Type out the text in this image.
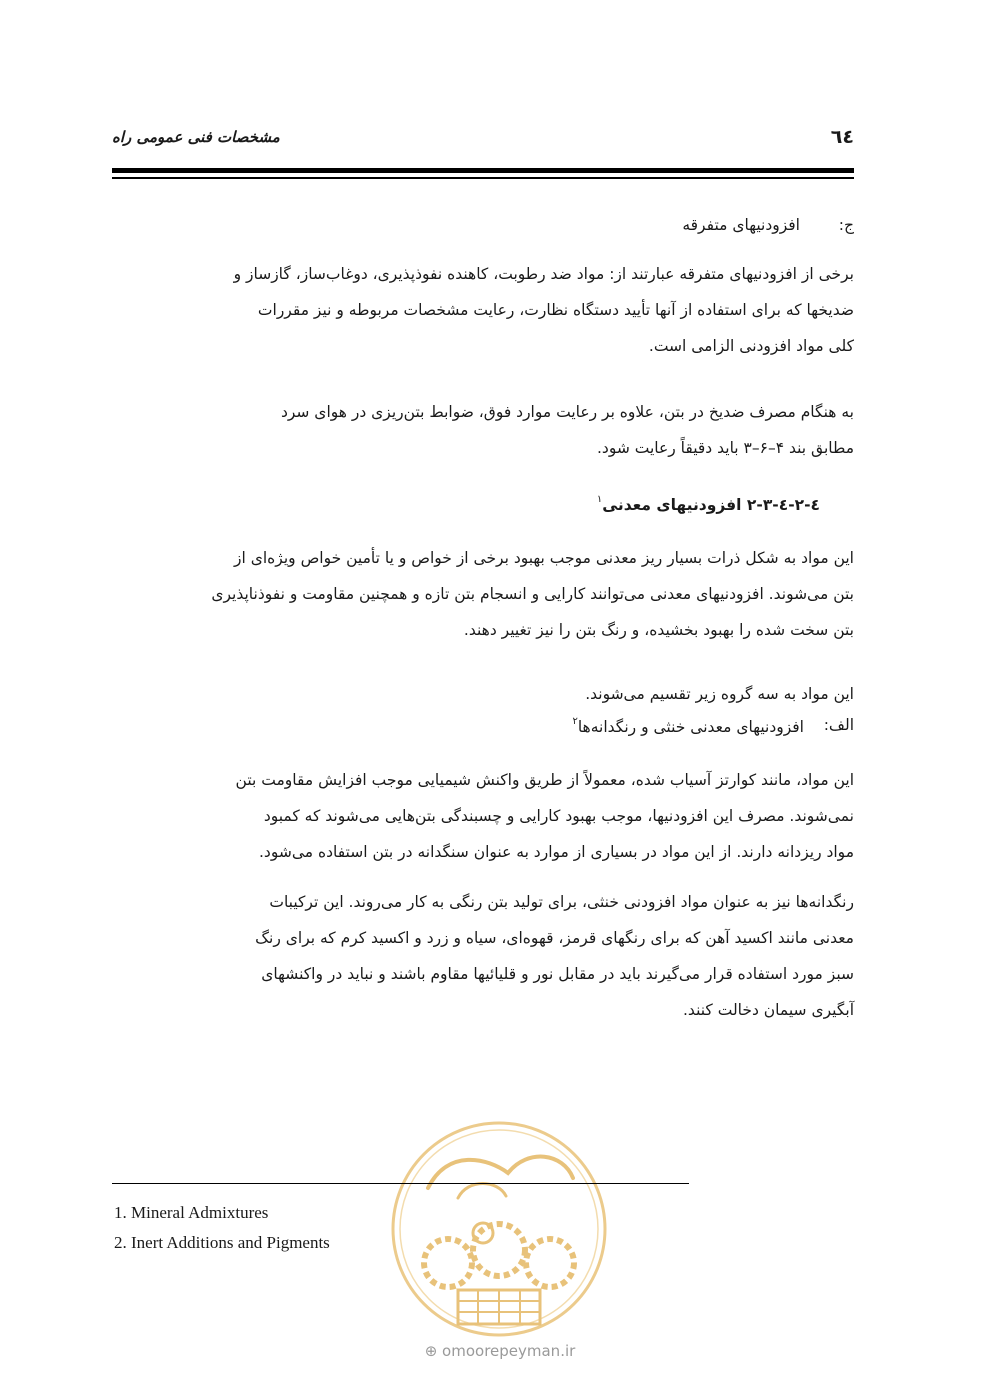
مشخصات فنی عمومی راه	٦٤
ج:
افزودنیهای متفرقه
برخی از افزودنیهای متفرقه عبارتند از: مواد ضد رطوبت، کاهنده نفوذپذیری، دوغاب‌ساز، گازساز و
ضدیخها که برای استفاده از آنها تأیید دستگاه نظارت، رعایت مشخصات مربوطه و نیز مقررات
کلی مواد افزودنی الزامی است.
به هنگام مصرف ضدیخ در بتن، علاوه بر رعایت موارد فوق، ضوابط بتن‌ریزی در هوای سرد
مطابق بند ۴–۶–۳ باید دقیقاً رعایت شود.
٤-٢-٤-٣-٢ افزودنیهای معدنی$^١$
این مواد به شکل ذرات بسیار ریز معدنی موجب بهبود برخی از خواص و یا تأمین خواص ویژه‌ای از
بتن می‌شوند. افزودنیهای معدنی می‌توانند کارایی و انسجام بتن تازه و همچنین مقاومت و نفوذناپذیری
بتن سخت شده را بهبود بخشیده، و رنگ بتن را نیز تغییر دهند.
این مواد به سه گروه زیر تقسیم می‌شوند.
الف:
افزودنیهای معدنی خنثی و رنگدانه‌ها$^٢$
این مواد، مانند کوارتز آسیاب شده، معمولاً از طریق واکنش شیمیایی موجب افزایش مقاومت بتن
نمی‌شوند. مصرف این افزودنیها، موجب بهبود کارایی و چسبندگی بتن‌هایی می‌شوند که کمبود
مواد ریزدانه دارند. از این مواد در بسیاری از موارد به عنوان سنگدانه در بتن استفاده می‌شود.
رنگدانه‌ها نیز به عنوان مواد افزودنی خنثی، برای تولید بتن رنگی به کار می‌روند. این ترکیبات
معدنی مانند اکسید آهن که برای رنگهای قرمز، قهوه‌ای، سیاه و زرد و اکسید کرم که برای رنگ
سبز مورد استفاده قرار می‌گیرند باید در مقابل نور و قلیائیها مقاوم باشند و نباید در واکنشهای
آبگیری سیمان دخالت کنند.
1. Mineral Admixtures
2. Inert Additions and Pigments
⊕ omoorepeyman.ir
